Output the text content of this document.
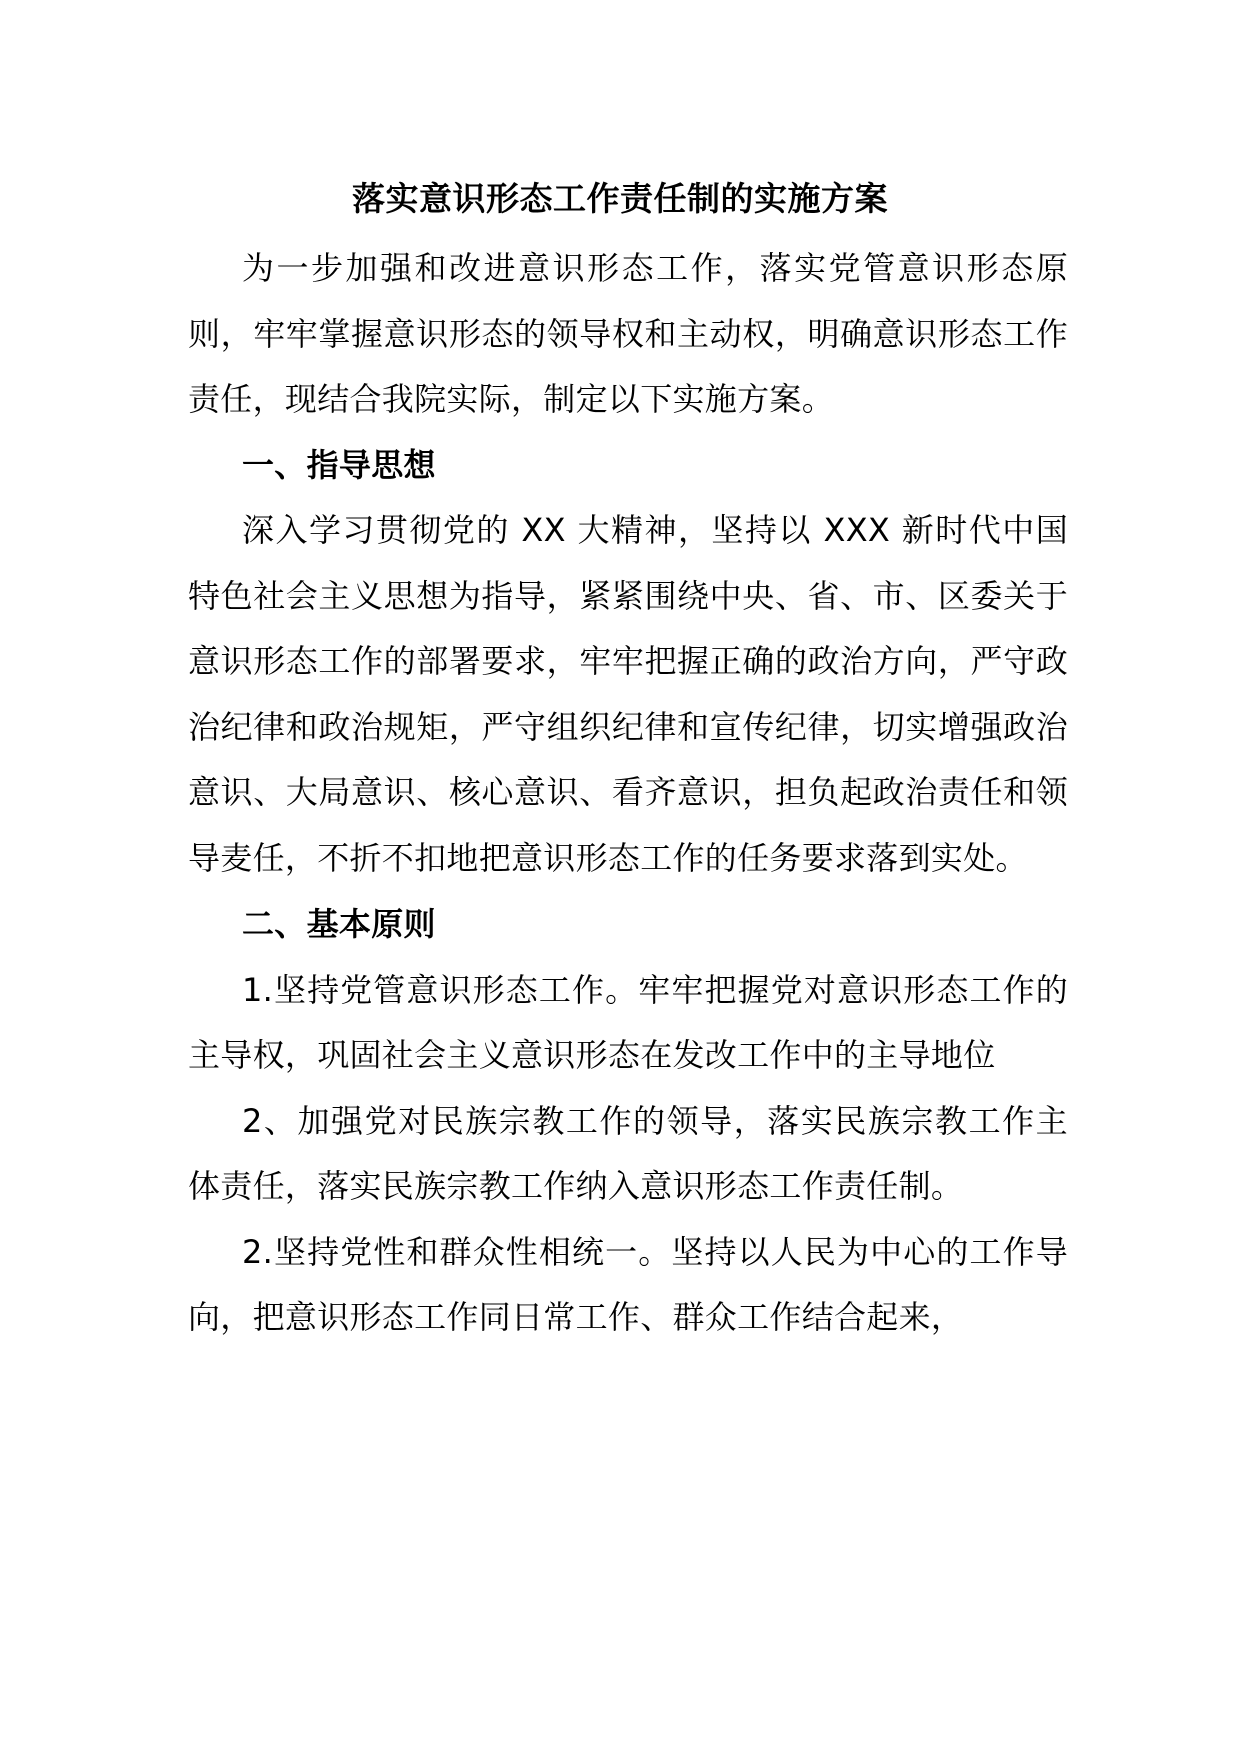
落实意识形态工作责任制的实施方案

为一步加强和改进意识形态工作，落实党管意识形态原则，牢牢掌握意识形态的领导权和主动权，明确意识形态工作责任，现结合我院实际，制定以下实施方案。

一、指导思想

深入学习贯彻党的 XX 大精神，坚持以 XXX 新时代中国特色社会主义思想为指导，紧紧围绕中央、省、市、区委关于意识形态工作的部署要求，牢牢把握正确的政治方向，严守政治纪律和政治规矩，严守组织纪律和宣传纪律，切实增强政治意识、大局意识、核心意识、看齐意识，担负起政治责任和领导麦任，不折不扣地把意识形态工作的任务要求落到实处。

二、基本原则

1.坚持党管意识形态工作。牢牢把握党对意识形态工作的主导权，巩固社会主义意识形态在发改工作中的主导地位

2、加强党对民族宗教工作的领导，落实民族宗教工作主体责任，落实民族宗教工作纳入意识形态工作责任制。

2.坚持党性和群众性相统一。坚持以人民为中心的工作导向，把意识形态工作同日常工作、群众工作结合起来，
